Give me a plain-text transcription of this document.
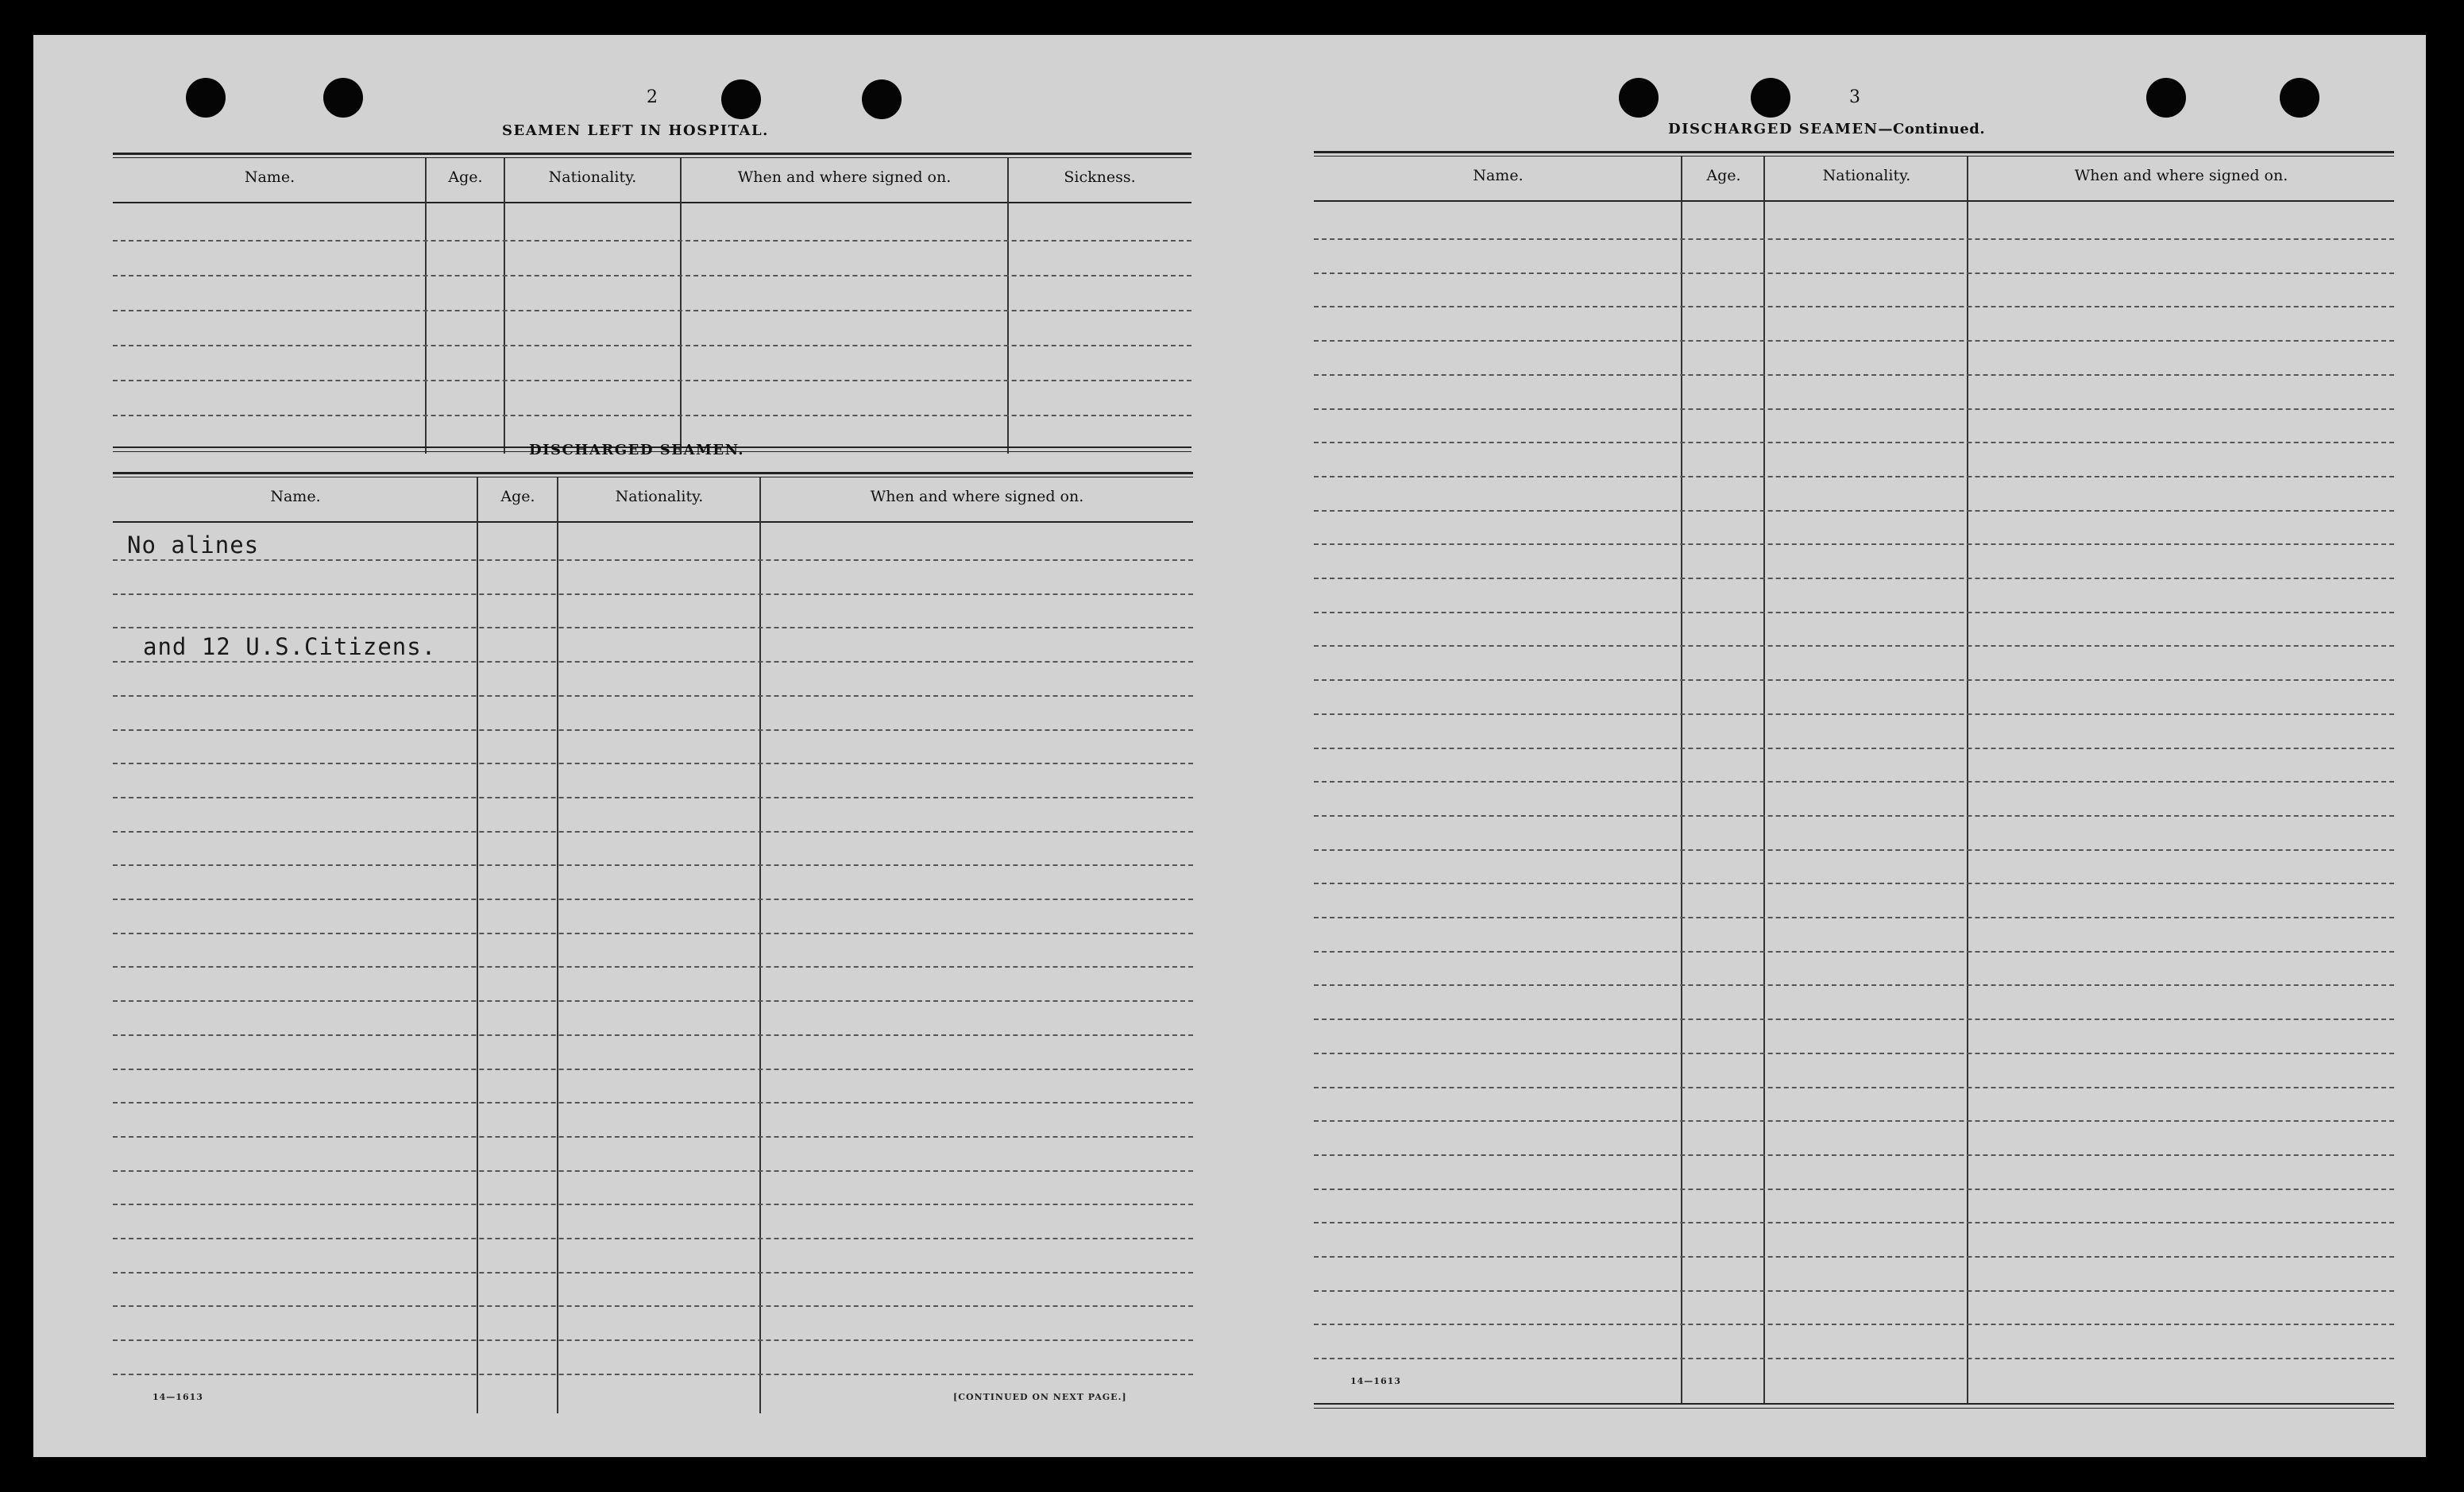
2
SEAMEN LEFT IN HOSPITAL.
Name.	Age.	Nationality.	When and where signed on.	Sickness.
DISCHARGED SEAMEN.
Name.	Age.	Nationality.	When and where signed on.
No alines
and 12 U.S.Citizens.
14—1613	[CONTINUED ON NEXT PAGE.]
3
DISCHARGED SEAMEN—Continued.
Name.	Age.	Nationality.	When and where signed on.
14—1613
